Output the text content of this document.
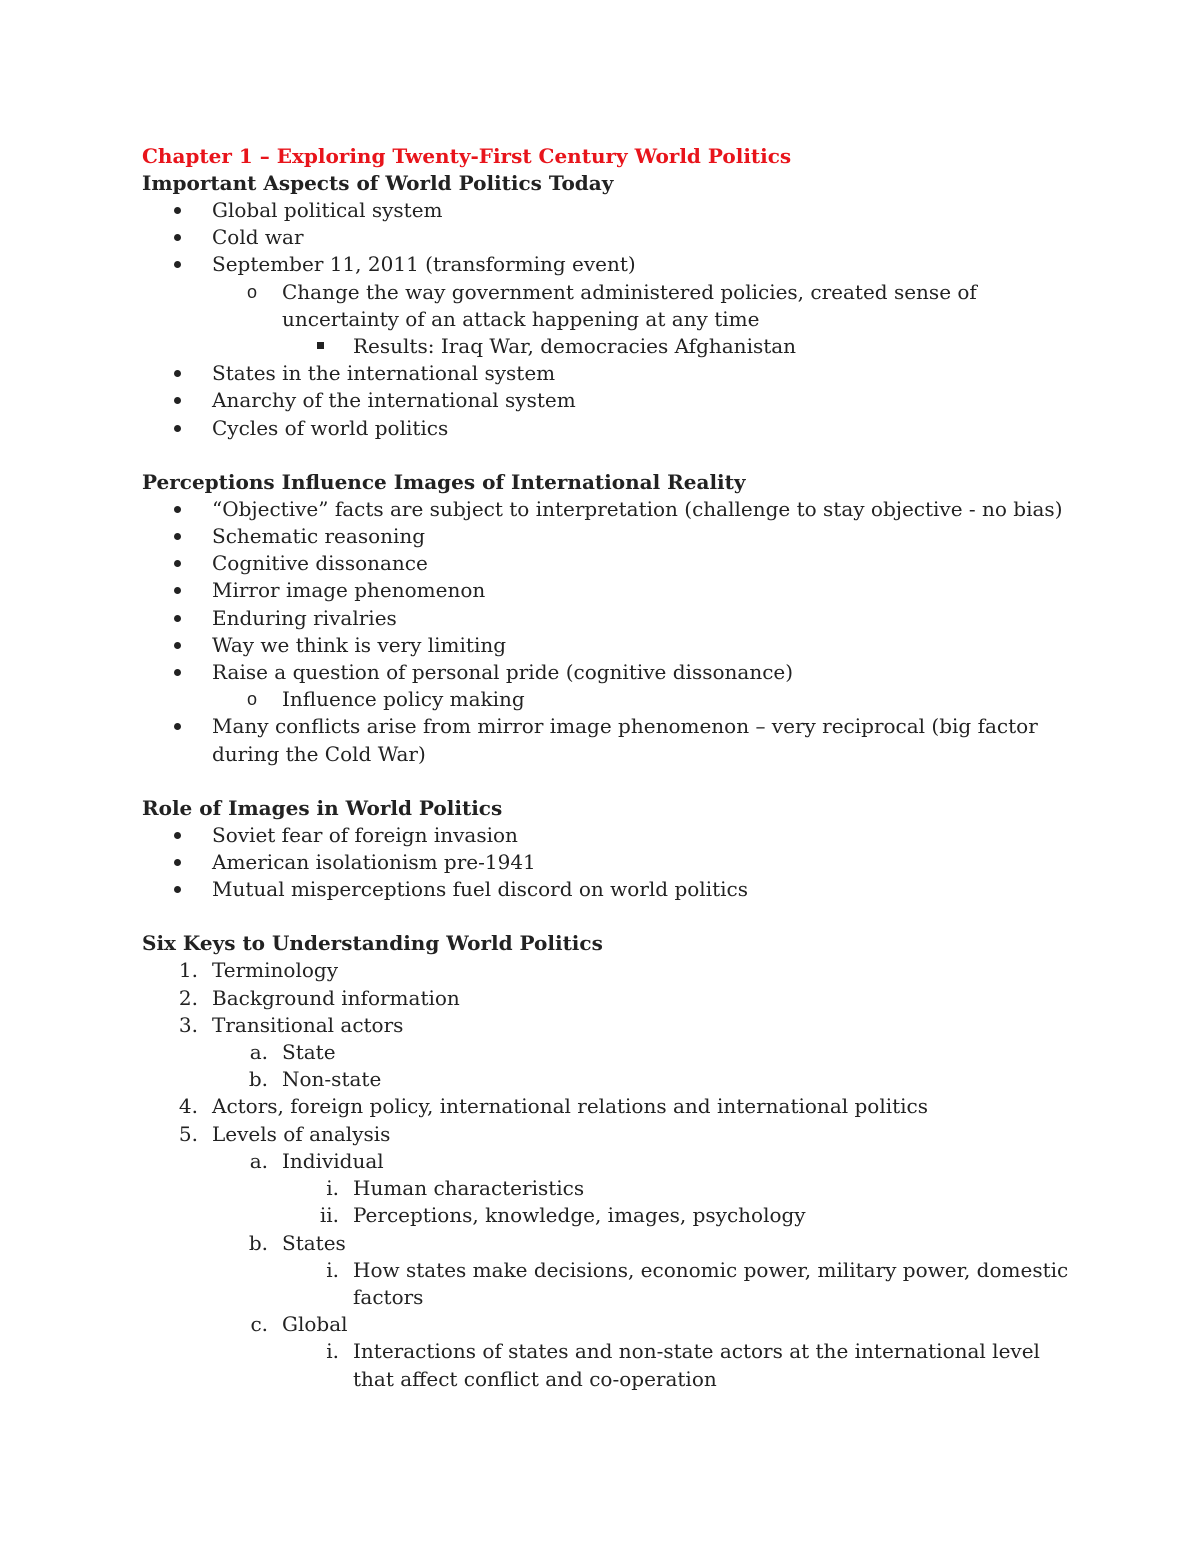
Chapter 1 – Exploring Twenty-First Century World Politics
Important Aspects of World Politics Today
Global political system
Cold war
September 11, 2011 (transforming event)
o Change the way government administered policies, created sense of uncertainty of an attack happening at any time
Results: Iraq War, democracies Afghanistan
States in the international system
Anarchy of the international system
Cycles of world politics
Perceptions Influence Images of International Reality
“Objective” facts are subject to interpretation (challenge to stay objective - no bias)
Schematic reasoning
Cognitive dissonance
Mirror image phenomenon
Enduring rivalries
Way we think is very limiting
Raise a question of personal pride (cognitive dissonance)
o Influence policy making
Many conflicts arise from mirror image phenomenon – very reciprocal (big factor during the Cold War)
Role of Images in World Politics
Soviet fear of foreign invasion
American isolationism pre-1941
Mutual misperceptions fuel discord on world politics
Six Keys to Understanding World Politics
1. Terminology
2. Background information
3. Transitional actors
a. State
b. Non-state
4. Actors, foreign policy, international relations and international politics
5. Levels of analysis
a. Individual
i. Human characteristics
ii. Perceptions, knowledge, images, psychology
b. States
i. How states make decisions, economic power, military power, domestic factors
c. Global
i. Interactions of states and non-state actors at the international level that affect conflict and co-operation
